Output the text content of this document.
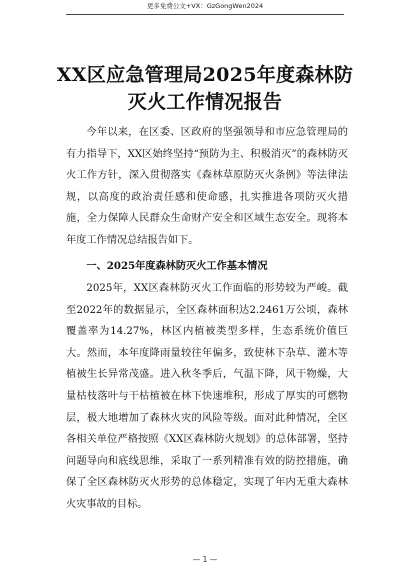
更多免费公文+VX：GzGongWen2024
XX区应急管理局2025年度森林防灭火工作情况报告

今年以来，在区委、区政府的坚强领导和市应急管理局的有力指导下，XX区始终坚持“预防为主、积极消灭”的森林防灭火工作方针，深入贯彻落实《森林草原防灭火条例》等法律法规，以高度的政治责任感和使命感，扎实推进各项防灭火措施，全力保障人民群众生命财产安全和区域生态安全。现将本年度工作情况总结报告如下。

一、2025年度森林防灭火工作基本情况

2025年，XX区森林防灭火工作面临的形势较为严峻。截至2022年的数据显示，全区森林面积达2.2461万公顷，森林覆盖率为14.27%，林区内植被类型多样，生态系统价值巨大。然而，本年度降雨量较往年偏多，致使林下杂草、灌木等植被生长异常茂盛。进入秋冬季后，气温下降，风干物燥，大量枯枝落叶与干枯植被在林下快速堆积，形成了厚实的可燃物层，极大地增加了森林火灾的风险等级。面对此种情况，全区各相关单位严格按照《XX区森林防火规划》的总体部署，坚持问题导向和底线思维，采取了一系列精准有效的防控措施，确保了全区森林防灭火形势的总体稳定，实现了年内无重大森林火灾事故的目标。

— 1 —
